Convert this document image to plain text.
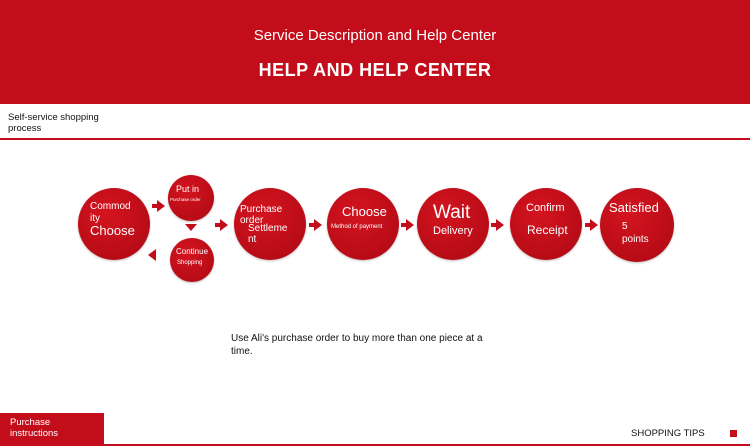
Service Description and Help Center
HELP AND HELP CENTER
Self-service shopping process
Commod
ity
Choose
Put in
Purchase order
Continue
Shopping
Purchase
order
Settleme
nt
Choose
Method of payment
Wait
Delivery
Confirm
Receipt
Satisfied
5
points
Use Ali's purchase order to buy more than one piece at a time.
Purchase instructions	SHOPPING TIPS
